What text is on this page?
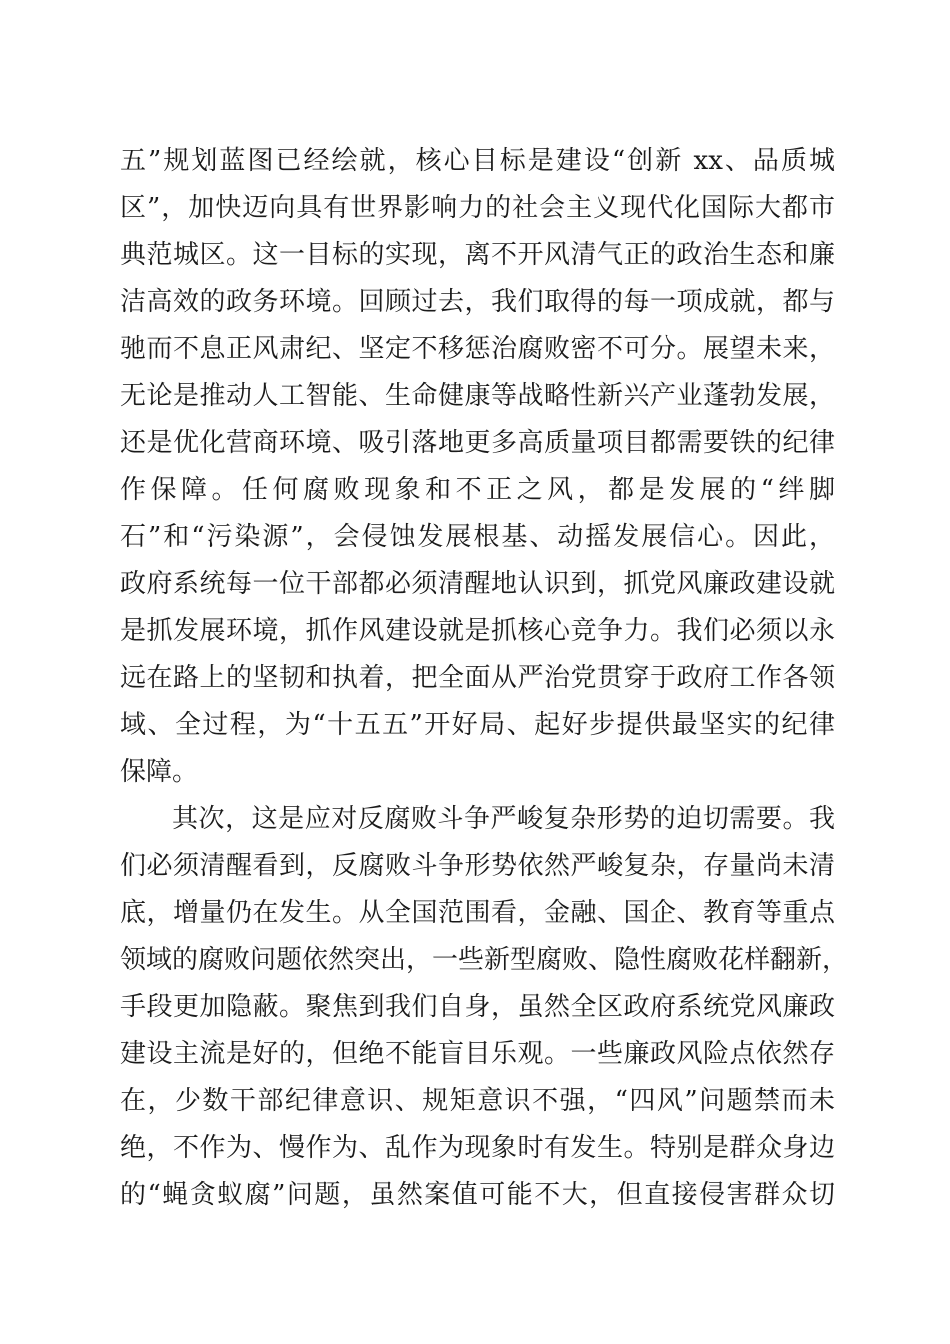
五”规划蓝图已经绘就，核心目标是建设“创新 xx、品质城
区”，加快迈向具有世界影响力的社会主义现代化国际大都市
典范城区。这一目标的实现，离不开风清气正的政治生态和廉
洁高效的政务环境。回顾过去，我们取得的每一项成就，都与
驰而不息正风肃纪、坚定不移惩治腐败密不可分。展望未来，
无论是推动人工智能、生命健康等战略性新兴产业蓬勃发展，
还是优化营商环境、吸引落地更多高质量项目都需要铁的纪律
作保障。任何腐败现象和不正之风，都是发展的“绊脚
石”和“污染源”，会侵蚀发展根基、动摇发展信心。因此，
政府系统每一位干部都必须清醒地认识到，抓党风廉政建设就
是抓发展环境，抓作风建设就是抓核心竞争力。我们必须以永
远在路上的坚韧和执着，把全面从严治党贯穿于政府工作各领
域、全过程，为“十五五”开好局、起好步提供最坚实的纪律
保障。
其次，这是应对反腐败斗争严峻复杂形势的迫切需要。我
们必须清醒看到，反腐败斗争形势依然严峻复杂，存量尚未清
底，增量仍在发生。从全国范围看，金融、国企、教育等重点
领域的腐败问题依然突出，一些新型腐败、隐性腐败花样翻新，
手段更加隐蔽。聚焦到我们自身，虽然全区政府系统党风廉政
建设主流是好的，但绝不能盲目乐观。一些廉政风险点依然存
在，少数干部纪律意识、规矩意识不强，“四风”问题禁而未
绝，不作为、慢作为、乱作为现象时有发生。特别是群众身边
的“蝇贪蚁腐”问题，虽然案值可能不大，但直接侵害群众切
